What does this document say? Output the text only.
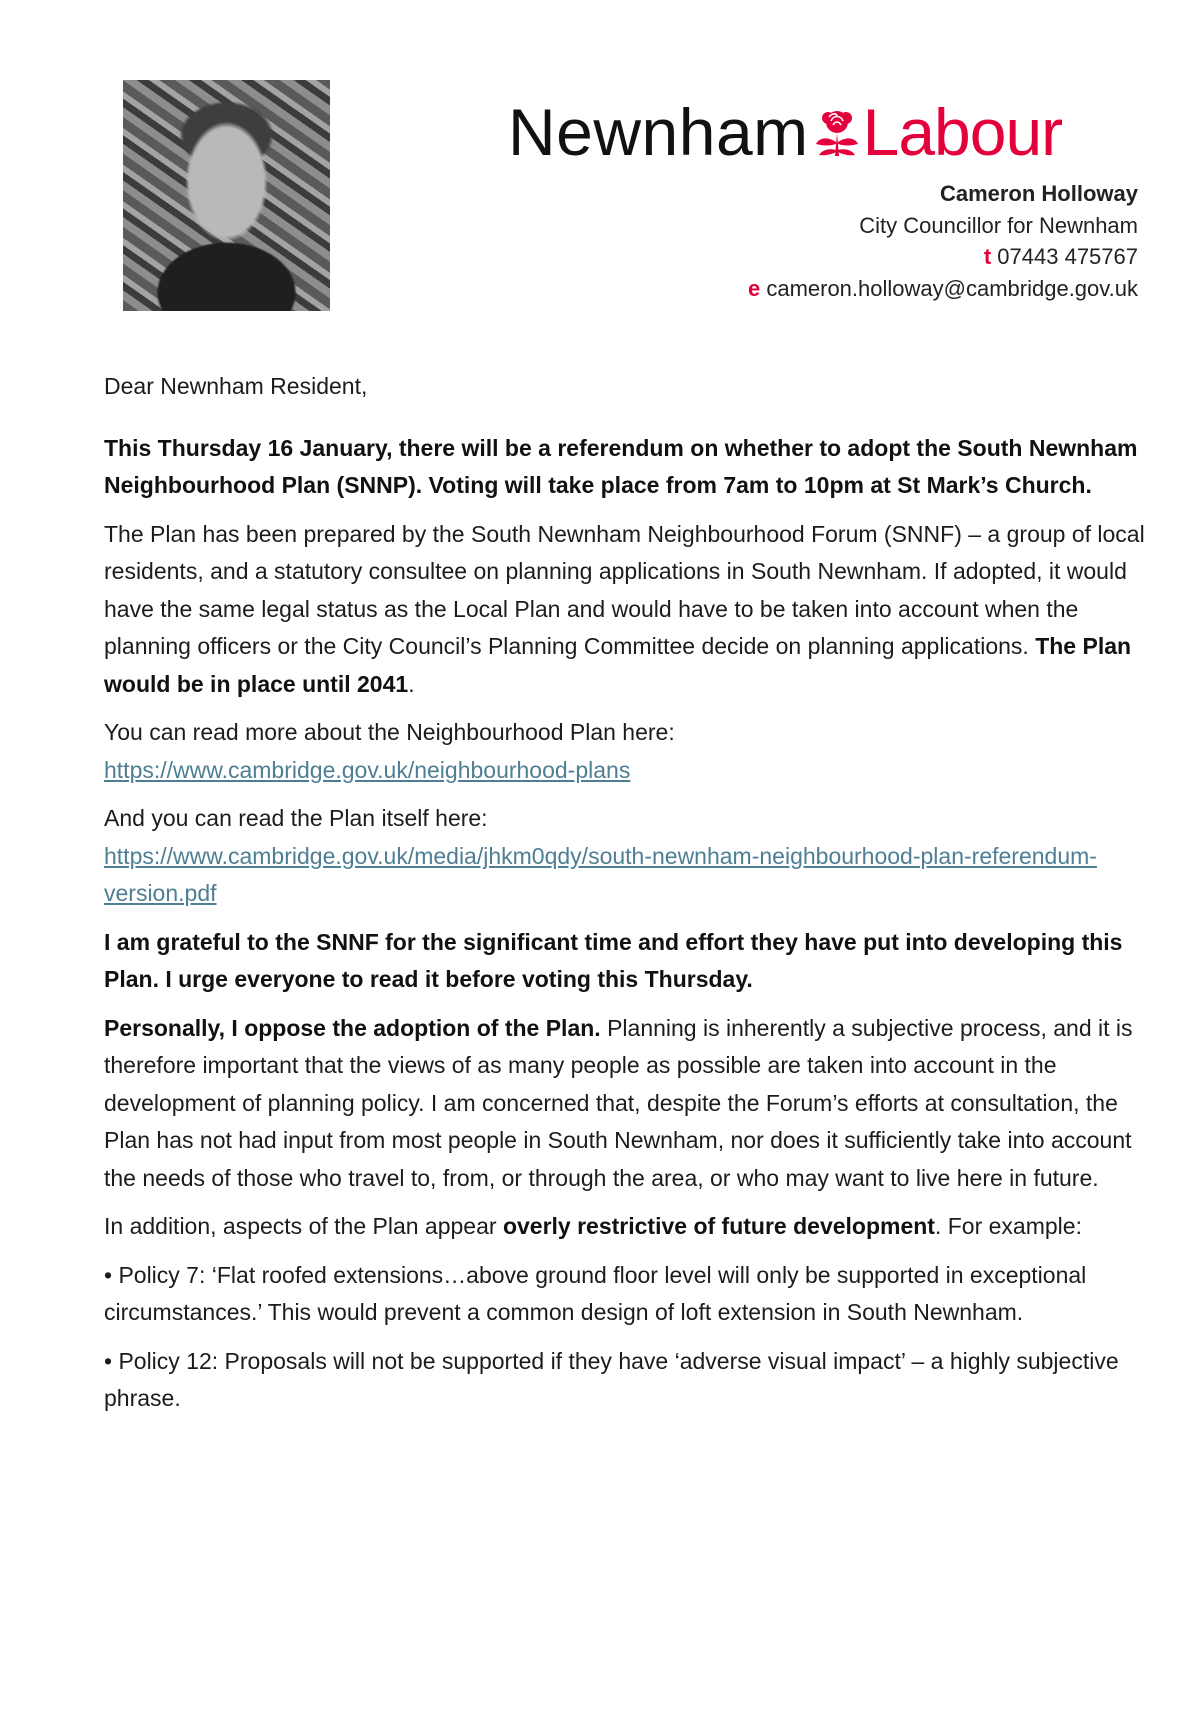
Newnham Labour
Cameron Holloway
City Councillor for Newnham
t 07443 475767
e cameron.holloway@cambridge.gov.uk

Dear Newnham Resident,

This Thursday 16 January, there will be a referendum on whether to adopt the South Newnham Neighbourhood Plan (SNNP). Voting will take place from 7am to 10pm at St Mark’s Church.

The Plan has been prepared by the South Newnham Neighbourhood Forum (SNNF) – a group of local residents, and a statutory consultee on planning applications in South Newnham. If adopted, it would have the same legal status as the Local Plan and would have to be taken into account when the planning officers or the City Council’s Planning Committee decide on planning applications. The Plan would be in place until 2041.

You can read more about the Neighbourhood Plan here:
https://www.cambridge.gov.uk/neighbourhood-plans

And you can read the Plan itself here:
https://www.cambridge.gov.uk/media/jhkm0qdy/south-newnham-neighbourhood-plan-referendum-version.pdf

I am grateful to the SNNF for the significant time and effort they have put into developing this Plan. I urge everyone to read it before voting this Thursday.

Personally, I oppose the adoption of the Plan. Planning is inherently a subjective process, and it is therefore important that the views of as many people as possible are taken into account in the development of planning policy. I am concerned that, despite the Forum’s efforts at consultation, the Plan has not had input from most people in South Newnham, nor does it sufficiently take into account the needs of those who travel to, from, or through the area, or who may want to live here in future.

In addition, aspects of the Plan appear overly restrictive of future development. For example:

• Policy 7: ‘Flat roofed extensions…above ground floor level will only be supported in exceptional circumstances.’ This would prevent a common design of loft extension in South Newnham.

• Policy 12: Proposals will not be supported if they have ‘adverse visual impact’ – a highly subjective phrase.
